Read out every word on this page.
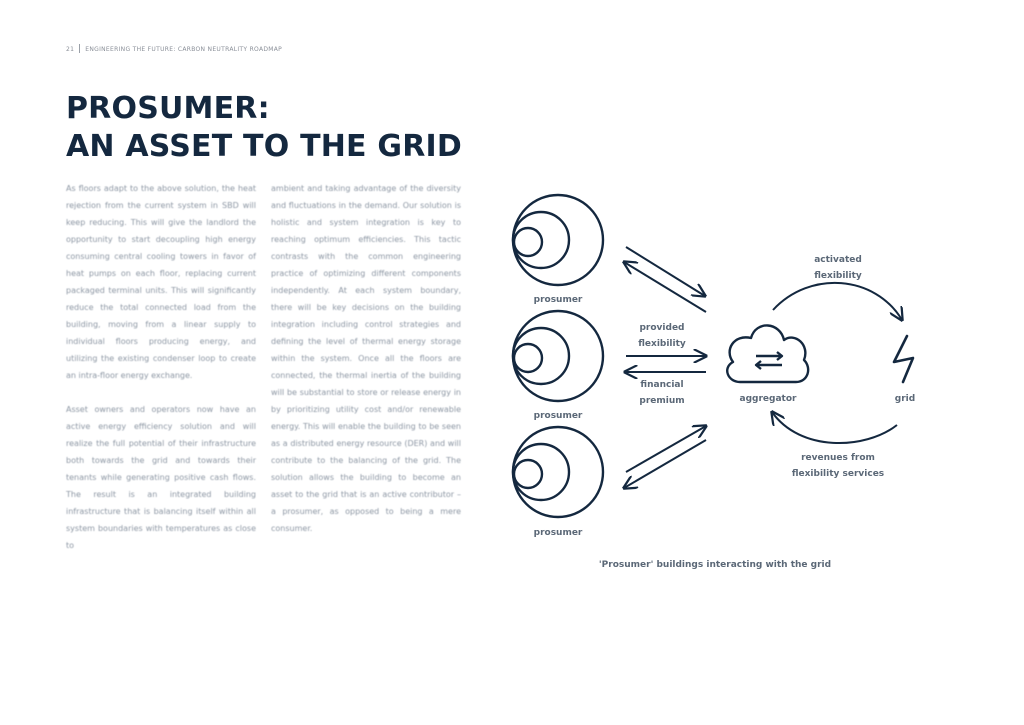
21 ENGINEERING THE FUTURE: CARBON NEUTRALITY ROADMAP
PROSUMER:
AN ASSET TO THE GRID

As floors adapt to the above solution, the heat rejection from the current system in SBD will keep reducing. This will give the landlord the opportunity to start decoupling high energy consuming central cooling towers in favor of heat pumps on each floor, replacing current packaged terminal units. This will significantly reduce the total connected load from the building, moving from a linear supply to individual floors producing energy, and utilizing the existing condenser loop to create an intra-floor energy exchange.

Asset owners and operators now have an active energy efficiency solution and will realize the full potential of their infrastructure both towards the grid and towards their tenants while generating positive cash flows. The result is an integrated building infrastructure that is balancing itself within all system boundaries with temperatures as close to

ambient and taking advantage of the diversity and fluctuations in the demand. Our solution is holistic and system integration is key to reaching optimum efficiencies. This tactic contrasts with the common engineering practice of optimizing different components independently. At each system boundary, there will be key decisions on the building integration including control strategies and defining the level of thermal energy storage within the system. Once all the floors are connected, the thermal inertia of the building will be substantial to store or release energy in by prioritizing utility cost and/or renewable energy. This will enable the building to be seen as a distributed energy resource (DER) and will contribute to the balancing of the grid. The solution allows the building to become an asset to the grid that is an active contributor – a prosumer, as opposed to being a mere consumer.

prosumer
prosumer
prosumer
provided
flexibility
financial
premium	aggregator
activated
flexibility
grid
revenues from
flexibility services
'Prosumer' buildings interacting with the grid
